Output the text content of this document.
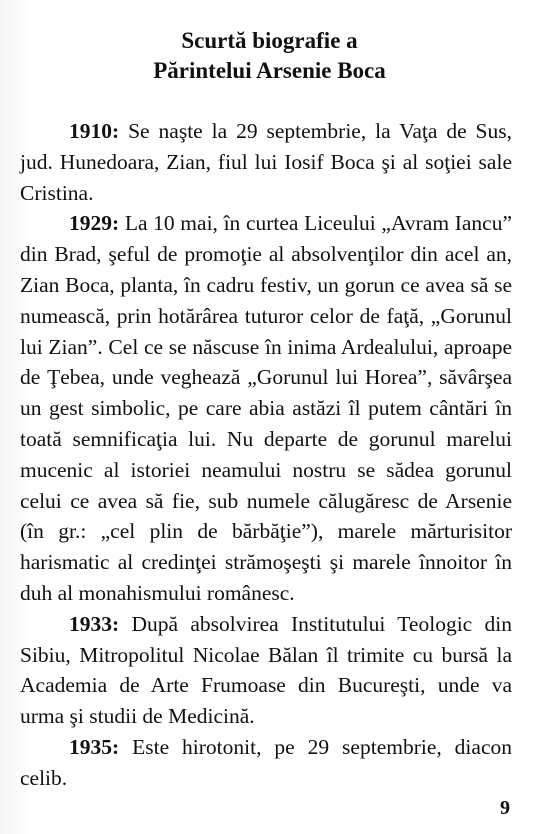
Scurtă biografie a
Părintelui Arsenie Boca

1910: Se naşte la 29 septembrie, la Vaţa de Sus, jud. Hunedoara, Zian, fiul lui Iosif Boca şi al soţiei sale Cristina.

1929: La 10 mai, în curtea Liceului „Avram Iancu” din Brad, şeful de promoţie al absolvenţilor din acel an, Zian Boca, planta, în cadru festiv, un gorun ce avea să se numească, prin hotărârea tuturor celor de faţă, „Gorunul lui Zian”. Cel ce se născuse în inima Ardealului, aproape de Ţebea, unde veghează „Gorunul lui Horea”, săvârşea un gest simbolic, pe care abia astăzi îl putem cântări în toată semnificaţia lui. Nu departe de gorunul marelui mucenic al istoriei neamului nostru se sădea gorunul celui ce avea să fie, sub numele călugăresc de Arsenie (în gr.: „cel plin de bărbăţie”), marele mărturisitor harismatic al credinţei strămoşeşti şi marele înnoitor în duh al monahismului românesc.

1933: După absolvirea Institutului Teologic din Sibiu, Mitropolitul Nicolae Bălan îl trimite cu bursă la Academia de Arte Frumoase din Bucureşti, unde va urma şi studii de Medicină.

1935: Este hirotonit, pe 29 septembrie, diacon celib.

9
